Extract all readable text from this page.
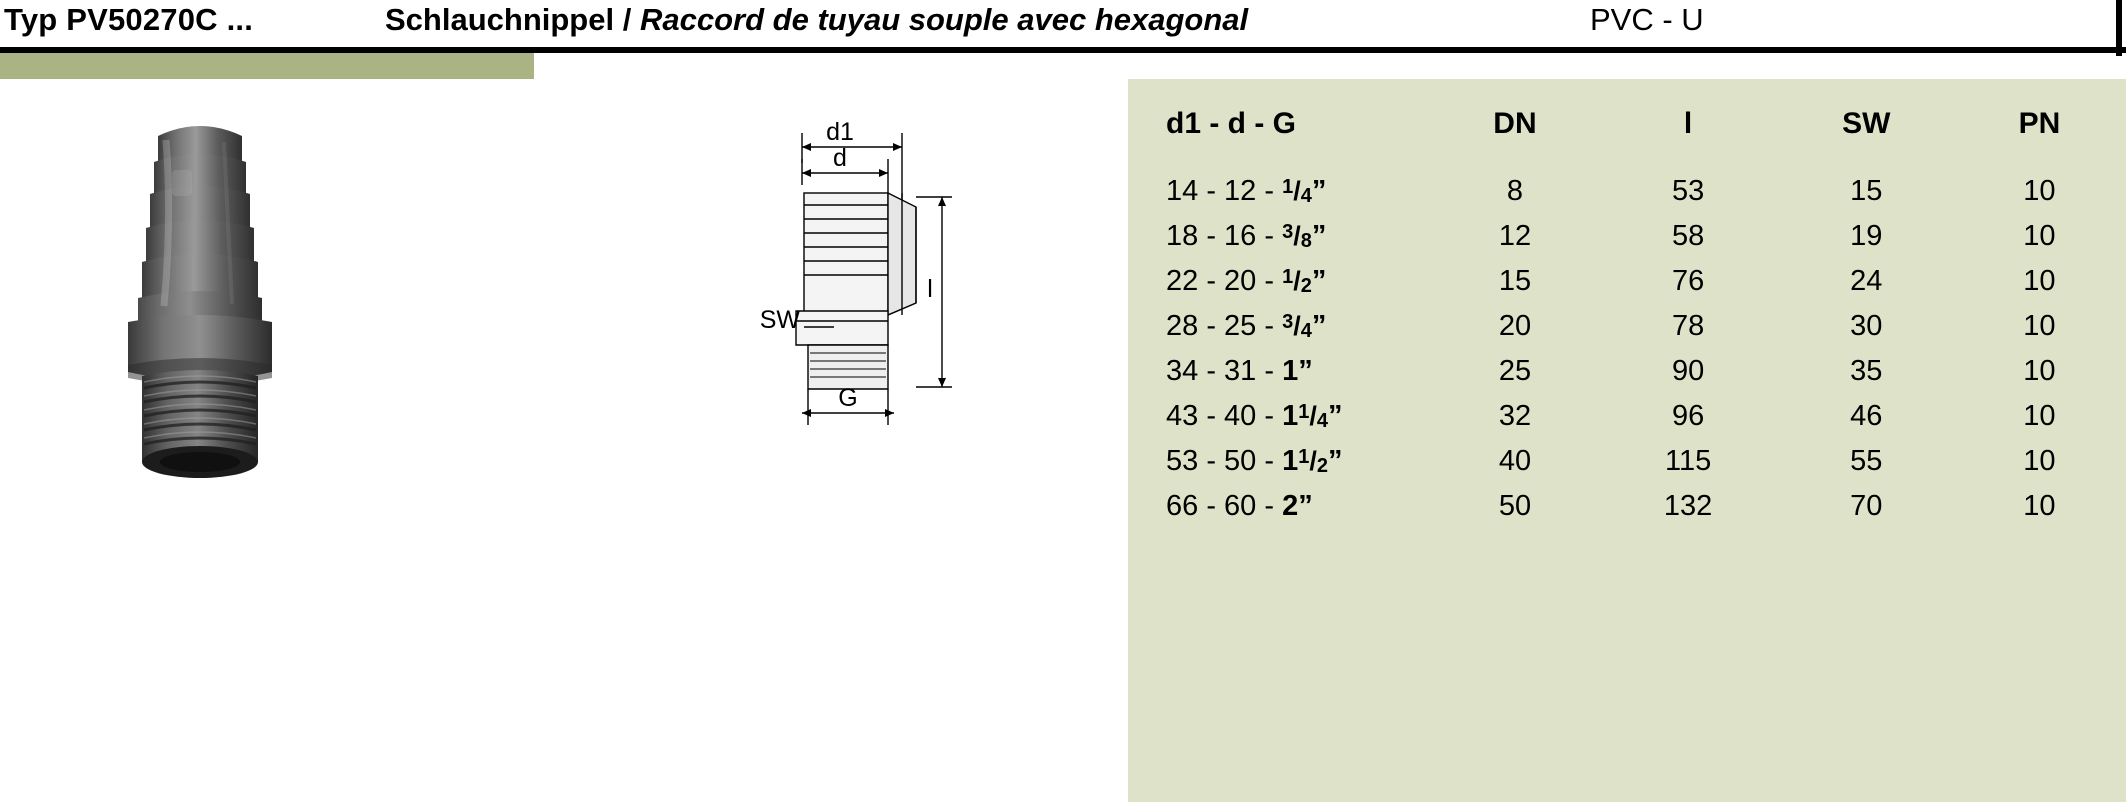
Typ PV50270C ...	Schlauchnippel / Raccord de tuyau souple avec hexagonal	PVC - U
d1
d
SW
G
l
d1 - d - G	DN	l	SW	PN
$14 - 12 - ^1/_4$”	8	53	15	10
$18 - 16 - ^3/_8$”	12	58	19	10
$22 - 20 - ^1/_2$”	15	76	24	10
$28 - 25 - ^3/_4$”	20	78	30	10
34 - 31 - 1”	25	90	35	10
$43 - 40 - 1^1/_4$”	32	96	46	10
$53 - 50 - 1^1/_2$”	40	115	55	10
66 - 60 - 2”	50	132	70	10
